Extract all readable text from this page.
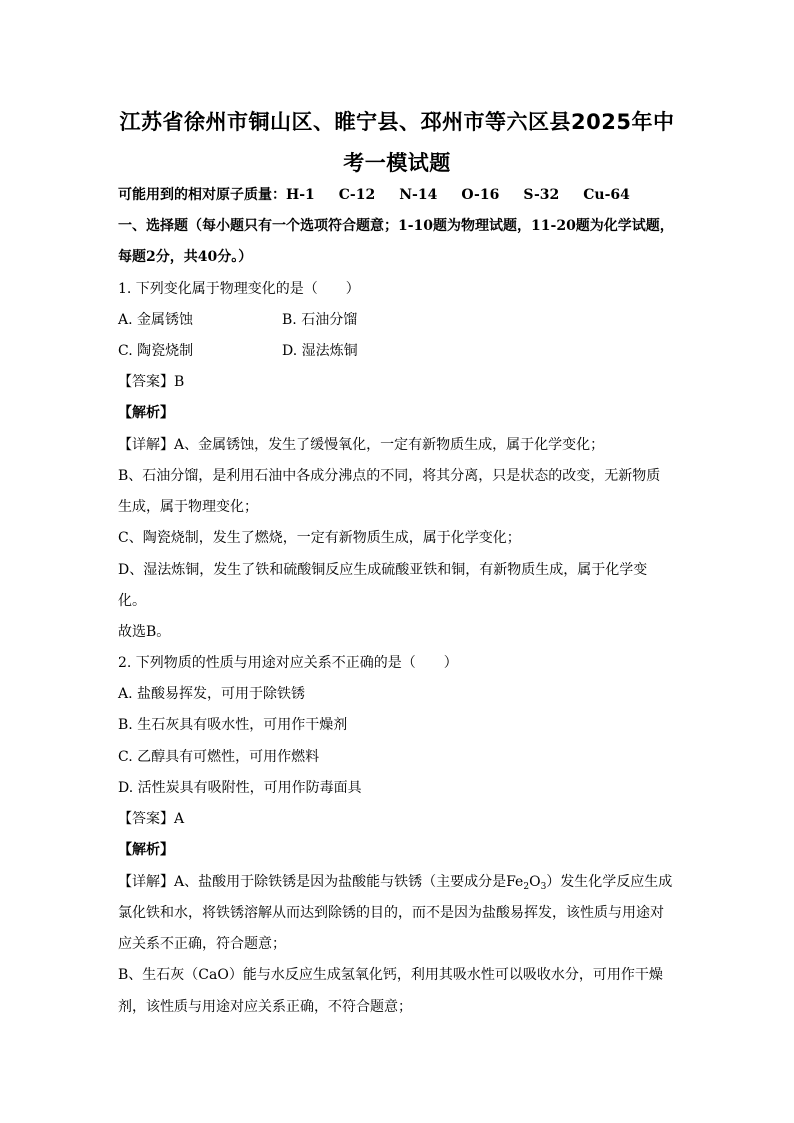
江苏省徐州市铜山区、睢宁县、邳州市等六区县2025年中
考一模试题
可能用到的相对原子质量：H-1 C-12 N-14 O-16 S-32 Cu-64
一、选择题（每小题只有一个选项符合题意；1-10题为物理试题，11-20题为化学试题，
每题2分，共40分。）
1. 下列变化属于物理变化的是（　　）
A. 金属锈蚀	B. 石油分馏
C. 陶瓷烧制	D. 湿法炼铜
【答案】B
【解析】
【详解】A、金属锈蚀，发生了缓慢氧化，一定有新物质生成，属于化学变化；
B、石油分馏，是利用石油中各成分沸点的不同，将其分离，只是状态的改变，无新物质
生成，属于物理变化；
C、陶瓷烧制，发生了燃烧，一定有新物质生成，属于化学变化；
D、湿法炼铜，发生了铁和硫酸铜反应生成硫酸亚铁和铜，有新物质生成，属于化学变
化。
故选B。
2. 下列物质的性质与用途对应关系不正确的是（　　）
A. 盐酸易挥发，可用于除铁锈
B. 生石灰具有吸水性，可用作干燥剂
C. 乙醇具有可燃性，可用作燃料
D. 活性炭具有吸附性，可用作防毒面具
【答案】A
【解析】
【详解】A、盐酸用于除铁锈是因为盐酸能与铁锈（主要成分是$Fe_2O_3$）发生化学反应生成
氯化铁和水，将铁锈溶解从而达到除锈的目的，而不是因为盐酸易挥发，该性质与用途对
应关系不正确，符合题意；
B、生石灰（CaO）能与水反应生成氢氧化钙，利用其吸水性可以吸收水分，可用作干燥
剂，该性质与用途对应关系正确，不符合题意；
